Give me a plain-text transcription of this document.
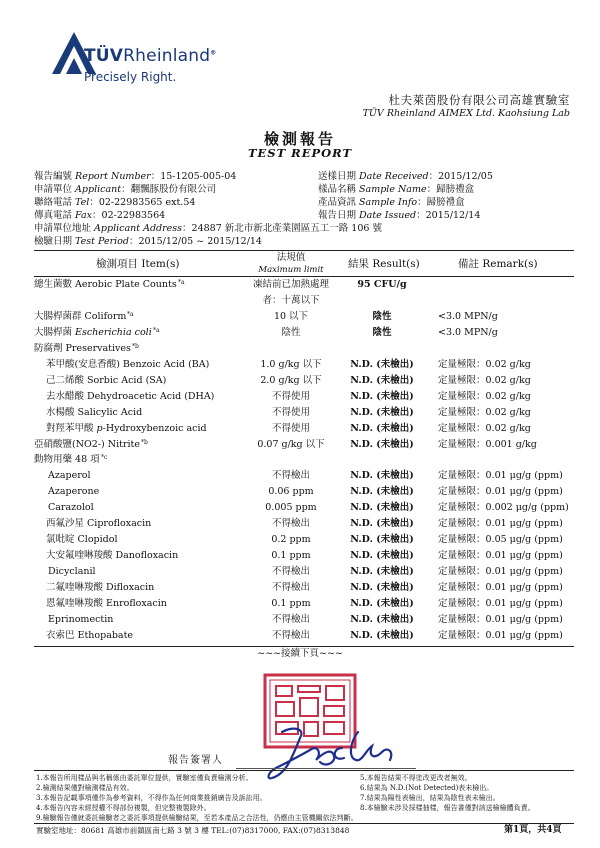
TÜVRheinland®
Precisely Right.
杜夫萊茵股份有限公司高雄實驗室
TÜV Rheinland AIMEX Ltd. Kaohsiung Lab
檢測報告
TEST REPORT
報告編號 Report Number：15-1205-005-04
申請單位 Applicant：翻飄豚股份有限公司
聯絡電話 Tel：02-22983565 ext.54
傳真電話 Fax：02-22983564
申請單位地址 Applicant Address：24887 新北市新北產業園區五工一路 106 號
檢驗日期 Test Period：2015/12/05 ~ 2015/12/14
送樣日期 Date Received：2015/12/05
樣品名稱 Sample Name：歸膀禮盒
產品資訊 Sample Info：歸膀禮盒
報告日期 Date Issued：2015/12/14
檢測項目 Item(s)
法規值
Maximum limit	結果 Result(s)	備註 Remark(s)
總生菌數 Aerobic Plate Counts *a	凍結前已加熱處理	95 CFU/g
者：十萬以下
大腸桿菌群 Coliform *a	10 以下	陰性	<3.0 MPN/g
大腸桿菌 Escherichia coli *a	陰性	陰性	<3.0 MPN/g
防腐劑 Preservatives *b
苯甲酸(安息香酸) Benzoic Acid (BA)	1.0 g/kg 以下	N.D. (未檢出)	定量極限：0.02 g/kg
己二烯酸 Sorbic Acid (SA)	2.0 g/kg 以下	N.D. (未檢出)	定量極限：0.02 g/kg
去水醋酸 Dehydroacetic Acid (DHA)	不得使用	N.D. (未檢出)	定量極限：0.02 g/kg
水楊酸 Salicylic Acid	不得使用	N.D. (未檢出)	定量極限：0.02 g/kg
對羥苯甲酸 p-Hydroxybenzoic acid	不得使用	N.D. (未檢出)	定量極限：0.02 g/kg
亞硝酸鹽(NO2-) Nitrite *b	0.07 g/kg 以下	N.D. (未檢出)	定量極限：0.001 g/kg
動物用藥 48 項 *c
Azaperol	不得檢出	N.D. (未檢出)	定量極限：0.01 μg/g (ppm)
Azaperone	0.06 ppm	N.D. (未檢出)	定量極限：0.01 μg/g (ppm)
Carazolol	0.005 ppm	N.D. (未檢出)	定量極限：0.002 μg/g (ppm)
西氟沙星 Ciprofloxacin	不得檢出	N.D. (未檢出)	定量極限：0.01 μg/g (ppm)
氯吡啶 Clopidol	0.2 ppm	N.D. (未檢出)	定量極限：0.05 μg/g (ppm)
大安氟喹啉羧酸 Danofloxacin	0.1 ppm	N.D. (未檢出)	定量極限：0.01 μg/g (ppm)
Dicyclanil	不得檢出	N.D. (未檢出)	定量極限：0.01 μg/g (ppm)
二氟喹啉羧酸 Difloxacin	不得檢出	N.D. (未檢出)	定量極限：0.01 μg/g (ppm)
恩氟喹啉羧酸 Enrofloxacin	0.1 ppm	N.D. (未檢出)	定量極限：0.01 μg/g (ppm)
Eprinomectin	不得檢出	N.D. (未檢出)	定量極限：0.01 μg/g (ppm)
衣索巴 Ethopabate	不得檢出	N.D. (未檢出)	定量極限：0.01 μg/g (ppm)
~~~接續下頁~~~
報告簽署人
1.本報告所用樣品與名稱係由委託單位提供，實驗室僅負責檢測分析。
2.檢測結果僅對檢測樣品有效。
3.本報告記載事項僅作為參考資料，不得作為任何商業推銷廣告及訴訟用。
4.本報告內容未經授權不得部份複製，但完整複製除外。
9.檢驗報告僅就委託檢驗者之委託事項提供檢驗結果，至若本產品之合法性，仍應由主管機關依法判斷。
5.本報告結果不得塗改更改者無效。
6.結果為 N.D.(Not Detected)表未檢出。
7.結果為陽性表檢出，結果為陰性表未檢出。
8.本檢驗未涉及採樣抽樣，報告書僅對該送檢檢體負責。
實驗室地址：80681 高雄市前鎮區南七路 3 號 3 樓 TEL:(07)8317000, FAX:(07)8313848	第1頁，共4頁
